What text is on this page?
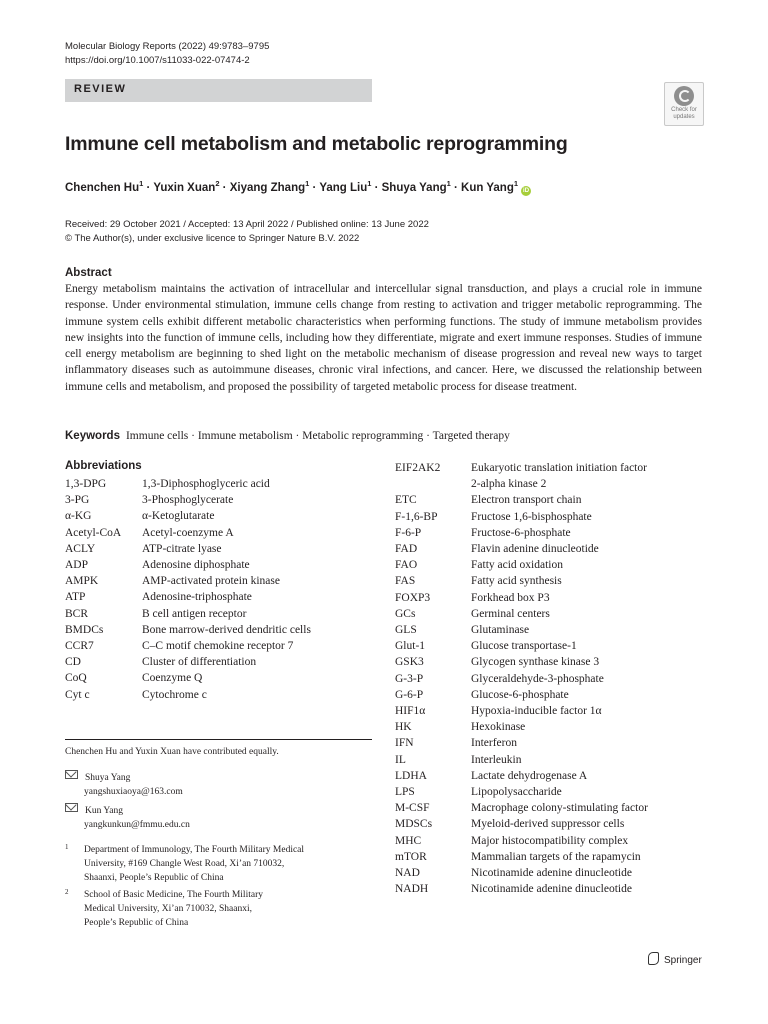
Molecular Biology Reports (2022) 49:9783–9795
https://doi.org/10.1007/s11033-022-07474-2
REVIEW
Check for
updates
Immune cell metabolism and metabolic reprogramming
Chenchen $Hu^1$ · Yuxin Xuan$^2$ · Xiyang Zhang$^1$ · Yang Liu$^1$ · Shuya Yang$^1$ · Kun Yang$^1$iD
Received: 29 October 2021 / Accepted: 13 April 2022 / Published online: 13 June 2022
© The Author(s), under exclusive licence to Springer Nature B.V. 2022
Abstract
Energy metabolism maintains the activation of intracellular and intercellular signal transduction, and plays a crucial role in immune response. Under environmental stimulation, immune cells change from resting to activation and trigger metabolic reprogramming. The immune system cells exhibit different metabolic characteristics when performing functions. The study of immune metabolism provides new insights into the function of immune cells, including how they differentiate, migrate and exert immune responses. Studies of immune cell energy metabolism are beginning to shed light on the metabolic mechanism of disease progression and reveal new ways to target inflammatory diseases such as autoimmune diseases, chronic viral infections, and cancer. Here, we discussed the relationship between immune cells and metabolism, and proposed the possibility of targeted metabolic process for disease treatment.
Keywords Immune cells · Immune metabolism · Metabolic reprogramming · Targeted therapy
Abbreviations
1,3-DPG	1,3-Diphosphoglyceric acid
3-PG	3-Phosphoglycerate
α-KG	α-Ketoglutarate
Acetyl-CoA	Acetyl-coenzyme A
ACLY	ATP-citrate lyase
ADP	Adenosine diphosphate
AMPK	AMP-activated protein kinase
ATP	Adenosine-triphosphate
BCR	B cell antigen receptor
BMDCs	Bone marrow-derived dendritic cells
CCR7	C–C motif chemokine receptor 7
CD	Cluster of differentiation
CoQ	Coenzyme Q
Cyt c	Cytochrome c
EIF2AK2	Eukaryotic translation initiation factor
	2-alpha kinase 2
ETC	Electron transport chain
F-1,6-BP	Fructose 1,6-bisphosphate
F-6-P	Fructose-6-phosphate
FAD	Flavin adenine dinucleotide
FAO	Fatty acid oxidation
FAS	Fatty acid synthesis
FOXP3	Forkhead box P3
GCs	Germinal centers
GLS	Glutaminase
Glut-1	Glucose transportase-1
GSK3	Glycogen synthase kinase 3
G-3-P	Glyceraldehyde-3-phosphate
G-6-P	Glucose-6-phosphate
HIF1α	Hypoxia-inducible factor 1α
HK	Hexokinase
IFN	Interferon
IL	Interleukin
LDHA	Lactate dehydrogenase A
LPS	Lipopolysaccharide
M-CSF	Macrophage colony-stimulating factor
MDSCs	Myeloid-derived suppressor cells
MHC	Major histocompatibility complex
mTOR	Mammalian targets of the rapamycin
NAD	Nicotinamide adenine dinucleotide
NADH	Nicotinamide adenine dinucleotide
Chenchen Hu and Yuxin Xuan have contributed equally.
Shuya Yang
yangshuxiaoya@163.com
Kun Yang
yangkunkun@fmmu.edu.cn
1 Department of Immunology, The Fourth Military Medical
University, #169 Changle West Road, Xi’an 710032,
Shaanxi, People’s Republic of China
2 School of Basic Medicine, The Fourth Military
Medical University, Xi’an 710032, Shaanxi,
People’s Republic of China
Springer
